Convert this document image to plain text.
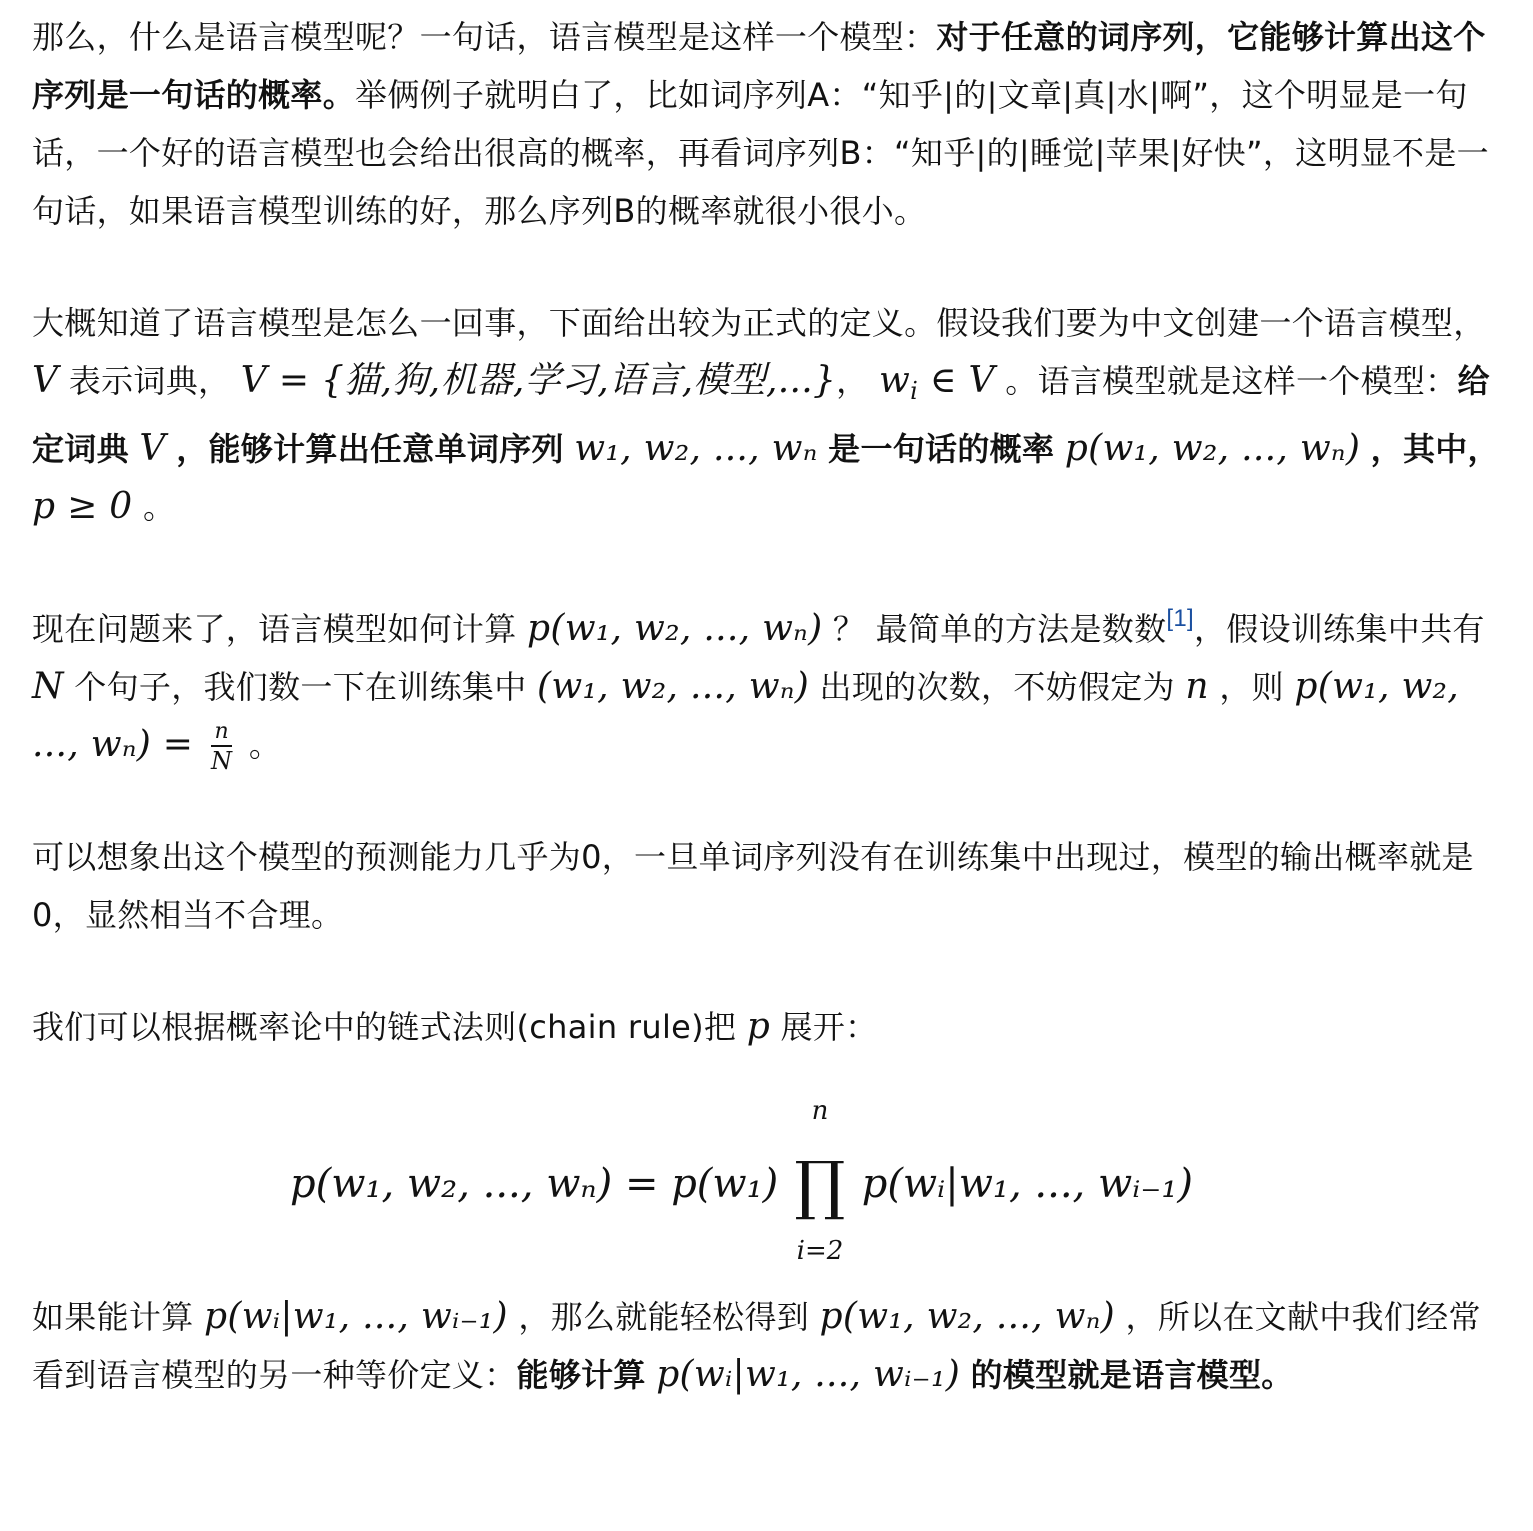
那么，什么是语言模型呢？一句话，语言模型是这样一个模型：对于任意的词序列，它能够计算出这个序列是一句话的概率。举俩例子就明白了，比如词序列A：“知乎|的|文章|真|水|啊”，这个明显是一句话，一个好的语言模型也会给出很高的概率，再看词序列B：“知乎|的|睡觉|苹果|好快”，这明显不是一句话，如果语言模型训练的好，那么序列B的概率就很小很小。

大概知道了语言模型是怎么一回事，下面给出较为正式的定义。假设我们要为中文创建一个语言模型， V 表示词典， V = {猫,狗,机器,学习,语言,模型,...}， $w_i$ ∈ V 。语言模型就是这样一个模型：给定词典 V ，能够计算出任意单词序列 w₁, w₂, ..., wₙ 是一句话的概率 p(w₁, w₂, ..., wₙ) ，其中，p ≥ 0 。

现在问题来了，语言模型如何计算 p(w₁, w₂, ..., wₙ) ？ 最简单的方法是数数[1]，假设训练集中共有 N 个句子，我们数一下在训练集中 (w₁, w₂, ..., wₙ) 出现的次数，不妨假定为 n ，则 p(w₁, w₂, ..., $w_n) = \frac{n}{N}$ 。

可以想象出这个模型的预测能力几乎为0，一旦单词序列没有在训练集中出现过，模型的输出概率就是0，显然相当不合理。

我们可以根据概率论中的链式法则(chain rule)把 p 展开：

p(w₁, w₂, ..., wₙ) = p(w₁)
n
∏
i=2
p(wᵢ|w₁, ..., wᵢ₋₁)

如果能计算 p(wᵢ|w₁, ..., wᵢ₋₁) ，那么就能轻松得到 p(w₁, w₂, ..., wₙ) ，所以在文献中我们经常看到语言模型的另一种等价定义：能够计算 p(wᵢ|w₁, ..., wᵢ₋₁) 的模型就是语言模型。
